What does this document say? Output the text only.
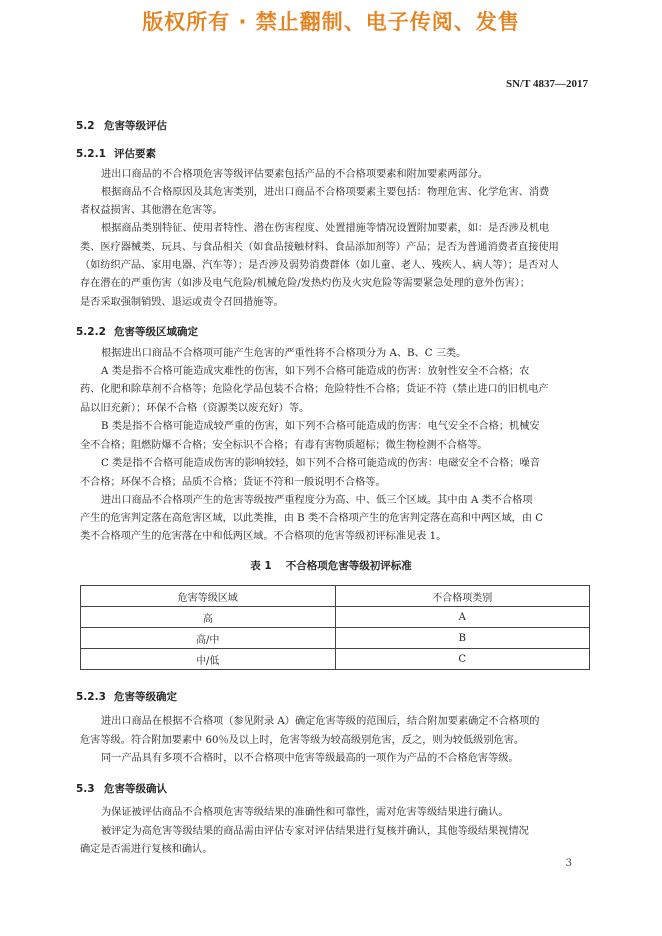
版权所有 · 禁止翻制、电子传阅、发售
SN/T 4837—2017
5.2 危害等级评估
5.2.1 评估要素
进出口商品的不合格项危害等级评估要素包括产品的不合格项要素和附加要素两部分。
根据商品不合格原因及其危害类别，进出口商品不合格项要素主要包括：物理危害、化学危害、消费
者权益损害、其他潜在危害等。
根据商品类别特征、使用者特性、潜在伤害程度、处置措施等情况设置附加要素，如：是否涉及机电
类、医疗器械类、玩具、与食品相关（如食品接触材料、食品添加剂等）产品；是否为普通消费者直接使用
（如纺织产品、家用电器、汽车等）；是否涉及弱势消费群体（如儿童、老人、残疾人、病人等）；是否对人
存在潜在的严重伤害（如涉及电气危险/机械危险/发热灼伤及火灾危险等需要紧急处理的意外伤害）；
是否采取强制销毁、退运或责令召回措施等。
5.2.2 危害等级区域确定
根据进出口商品不合格项可能产生危害的严重性将不合格项分为 A、B、C 三类。
A 类是指不合格可能造成灾难性的伤害，如下列不合格可能造成的伤害：放射性安全不合格；农
药、化肥和除草剂不合格等；危险化学品包装不合格；危险特性不合格；货证不符（禁止进口的旧机电产
品以旧充新）；环保不合格（资源类以废充好）等。
B 类是指不合格可能造成较严重的伤害，如下列不合格可能造成的伤害：电气安全不合格；机械安
全不合格；阻燃防爆不合格；安全标识不合格；有毒有害物质超标；微生物检测不合格等。
C 类是指不合格可能造成伤害的影响较轻，如下列不合格可能造成的伤害：电磁安全不合格；噪音
不合格；环保不合格；品质不合格；货证不符和一般说明不合格等。
进出口商品不合格项产生的危害等级按严重程度分为高、中、低三个区域。其中由 A 类不合格项
产生的危害判定落在高危害区域，以此类推，由 B 类不合格项产生的危害判定落在高和中两区域，由 C
类不合格项产生的危害落在中和低两区域。不合格项的危害等级初评标准见表 1。
表 1 不合格项危害等级初评标准
危害等级区域	不合格项类别
高	A
高/中	B
中/低	C
5.2.3 危害等级确定
进出口商品在根据不合格项（参见附录 A）确定危害等级的范围后，结合附加要素确定不合格项的
危害等级。符合附加要素中 60％及以上时，危害等级为较高级别危害，反之，则为较低级别危害。
同一产品具有多项不合格时，以不合格项中危害等级最高的一项作为产品的不合格危害等级。
5.3 危害等级确认
为保证被评估商品不合格项危害等级结果的准确性和可靠性，需对危害等级结果进行确认。
被评定为高危害等级结果的商品需由评估专家对评估结果进行复核并确认，其他等级结果视情况
确定是否需进行复核和确认。
3
